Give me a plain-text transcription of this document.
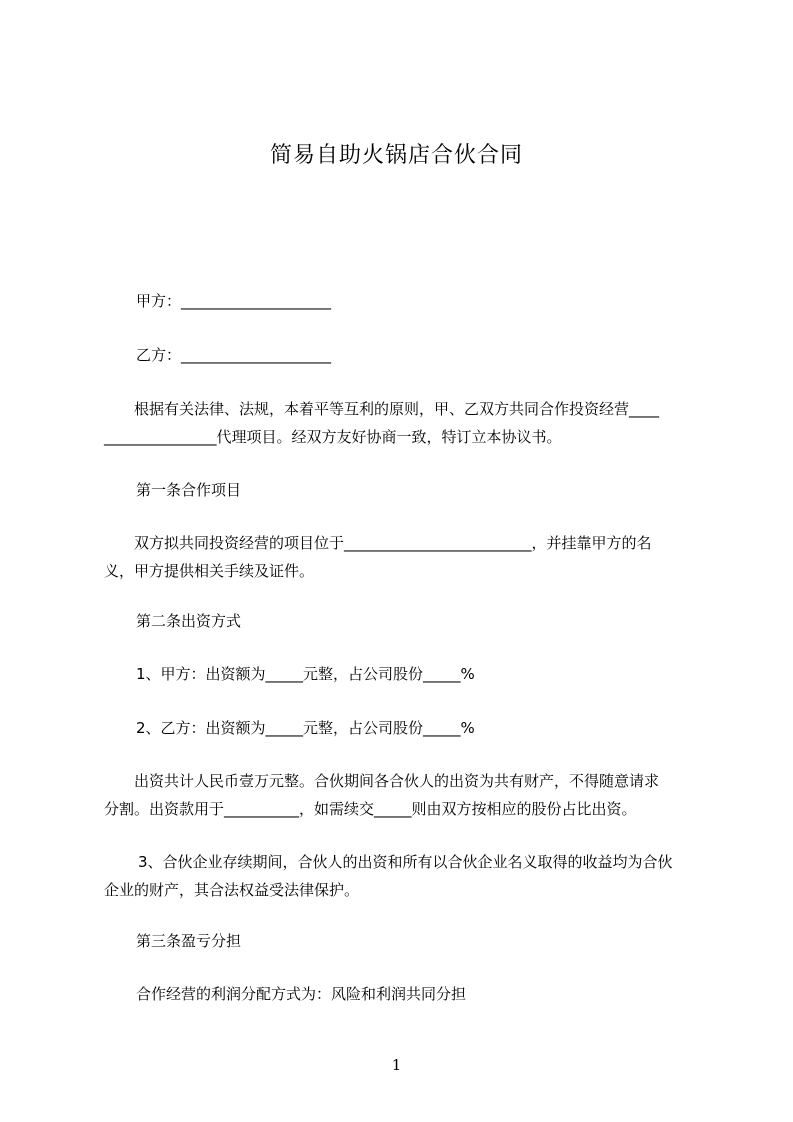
简易自助火锅店合伙合同
甲方：____________________
乙方：____________________
根据有关法律、法规，本着平等互利的原则，甲、乙双方共同合作投资经营____
_______________代理项目。经双方友好协商一致，特订立本协议书。
第一条合作项目
双方拟共同投资经营的项目位于_________________________，并挂靠甲方的名
义，甲方提供相关手续及证件。
第二条出资方式
1、甲方：出资额为_____元整，占公司股份_____%
2、乙方：出资额为_____元整，占公司股份_____%
出资共计人民币壹万元整。合伙期间各合伙人的出资为共有财产，不得随意请求
分割。出资款用于__________，如需续交_____则由双方按相应的股份占比出资。
3、合伙企业存续期间，合伙人的出资和所有以合伙企业名义取得的收益均为合伙
企业的财产，其合法权益受法律保护。
第三条盈亏分担
合作经营的利润分配方式为：风险和利润共同分担
1
